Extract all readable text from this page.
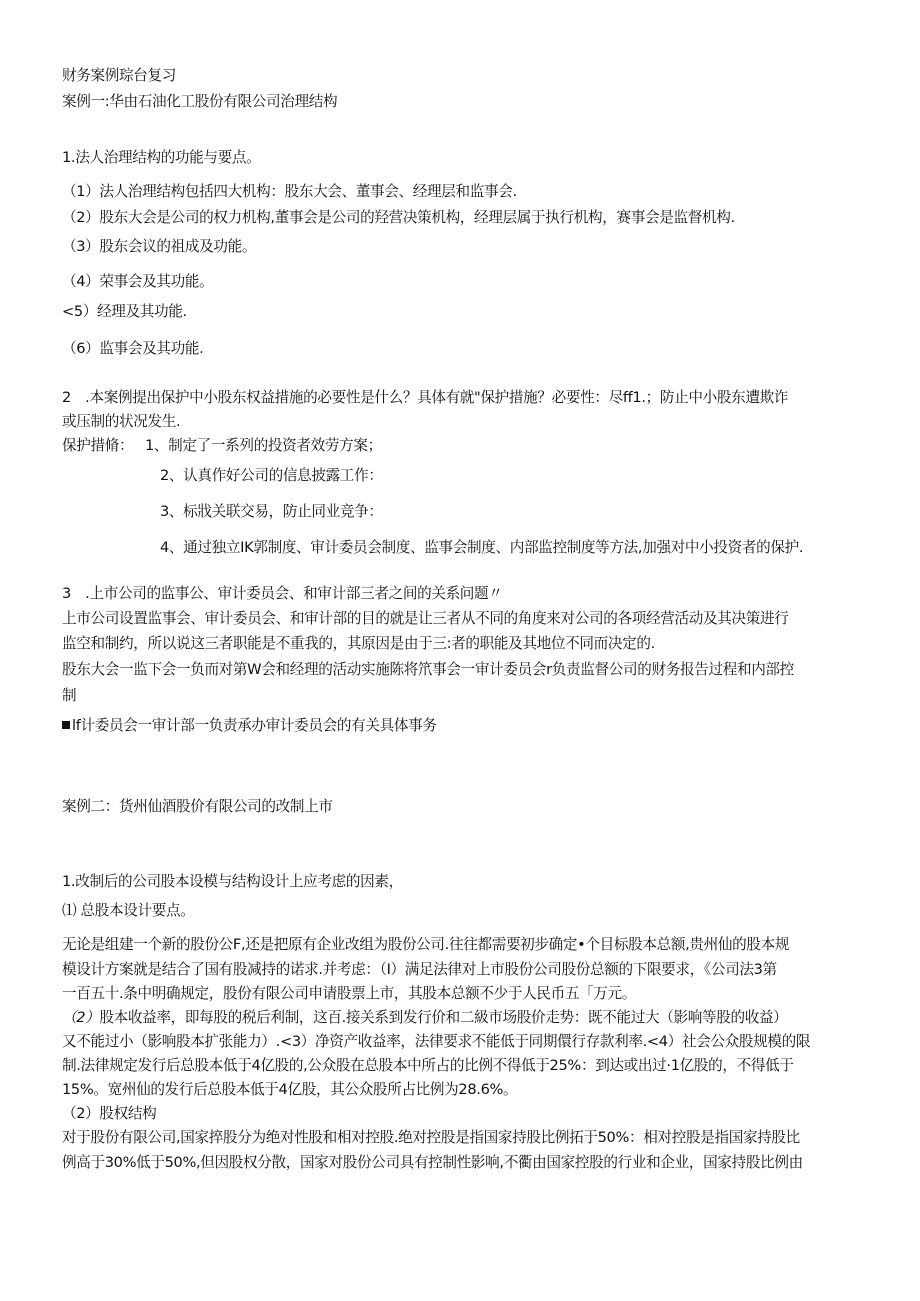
财务案例琮台复习
案例一:华由石油化工股份有限公司治理结构
1.法人治理结构的功能与要点。
（1）法人治理结构包括四大机构：股东大会、董事会、经理层和监事会.
（2）股东大会是公司的权力机构,董事会是公司的羟营决策机构，经理层属于执行机构，赛事会是监督机构.
（3）股东会议的祖成及功能。
（4）荣事会及其功能。
<5）经理及其功能.
（6）监事会及其功能.
2　.本案例提出保护中小股东权益措施的必要性是什么？具体有就"保护措施？必要性：尽ff1.；防止中小股东遭欺诈
或压制的状况发生.
保护措脩： 1、制定了一系列的投资者效劳方案；
2、认真作好公司的信息披露工作：
3、标戕关联交易，防止同业竞争：
4、通过独立IK郭制度、审计委员会制度、监事会制度、内部监控制度等方法,加强对中小投资者的保护.
3　.上市公司的监事公、审计委员会、和审计部三者之间的关系问题〃
上市公司设置监事会、审计委员会、和审计部的目的就是让三者从不同的角度来对公司的各项经营活动及其决策进行
监空和制约，所以说这三者职能是不重我的，其原因是由于三:者的职能及其地位不同而决定的.
股东大会一监下会一负而对第W会和经理的活动实施陈将笊事会一审计委员会r负责监督公司的财务报告过程和内部控
制
lf计委员会一审计部一负责承办审计委员会的有关具体事务
案例二：货州仙酒股价有限公司的改制上市
1.改制后的公司股本设模与结构设计上应考虑的因素，
⑴ 总股本设计要点。
无论是组建一个新的股份公F,还是把原有企业改组为股份公司.往往都需要初步确定•个目标股本总额,贵州仙的股本规
模设计方案就是结合了国有股减持的诺求.并考虑：（I）满足法律对上市股份公司股份总额的下限要求，《公司法3第
一百五十.条中明确规定，股份有限公司申请股票上市，其股本总额不少于人民币五「万元。
（2）股本收益率，即每股的税后利制，这百.接关系到发行价和二級市场股价走势：既不能过大（影响等股的收益）
又不能过小（影响股本扩张能力）.<3）净资产收益率，法律要求不能低于同期儇行存款利率.<4）社会公众股规模的限
制.法律规定发行后总股本低于4亿股的,公众股在总股本中所占的比例不得低于25%：到达或出过·1亿股的，不得低于
15%。宽州仙的发行后总股本低于4亿股，其公众股所占比例为28.6%。
（2）股权结构
对于股份有限公司,国家捽股分为绝对性股和相对控股.绝对控股是指国家持股比例拓于50%：相对控股是指国家持股比
例高于30%低于50%,但因股权分散，国家对股份公司具有控制性影响,不衢由国家控股的行业和企业，国家持股比例由
